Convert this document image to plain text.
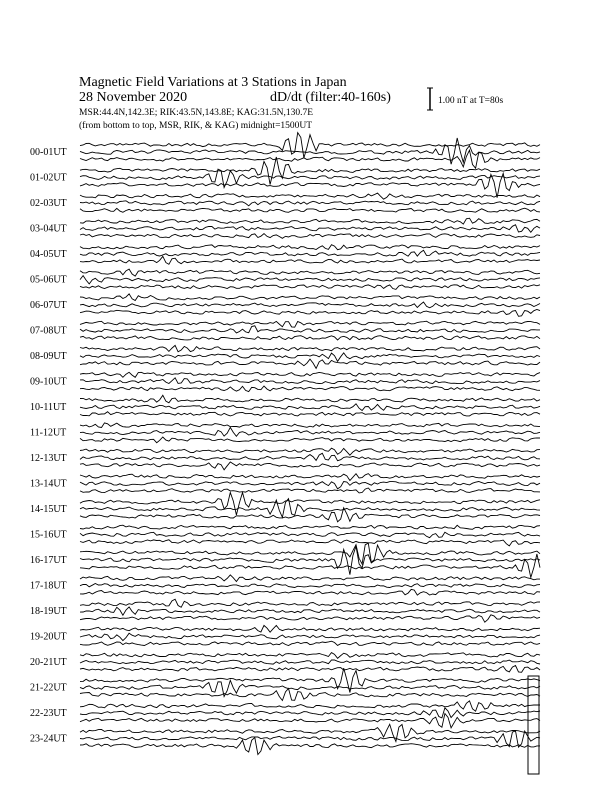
Magnetic Field Variations at 3 Stations in Japan
28 November 2020	dD/dt (filter:40-160s)
MSR:44.4N,142.3E; RIK:43.5N,143.8E; KAG:31.5N,130.7E
(from bottom to top, MSR, RIK, & KAG) midnight=1500UT
1.00 nT at T=80s
00-01UT
01-02UT
02-03UT
03-04UT
04-05UT
05-06UT
06-07UT
07-08UT
08-09UT
09-10UT
10-11UT
11-12UT
12-13UT
13-14UT
14-15UT
15-16UT
16-17UT
17-18UT
18-19UT
19-20UT
20-21UT
21-22UT
22-23UT
23-24UT
